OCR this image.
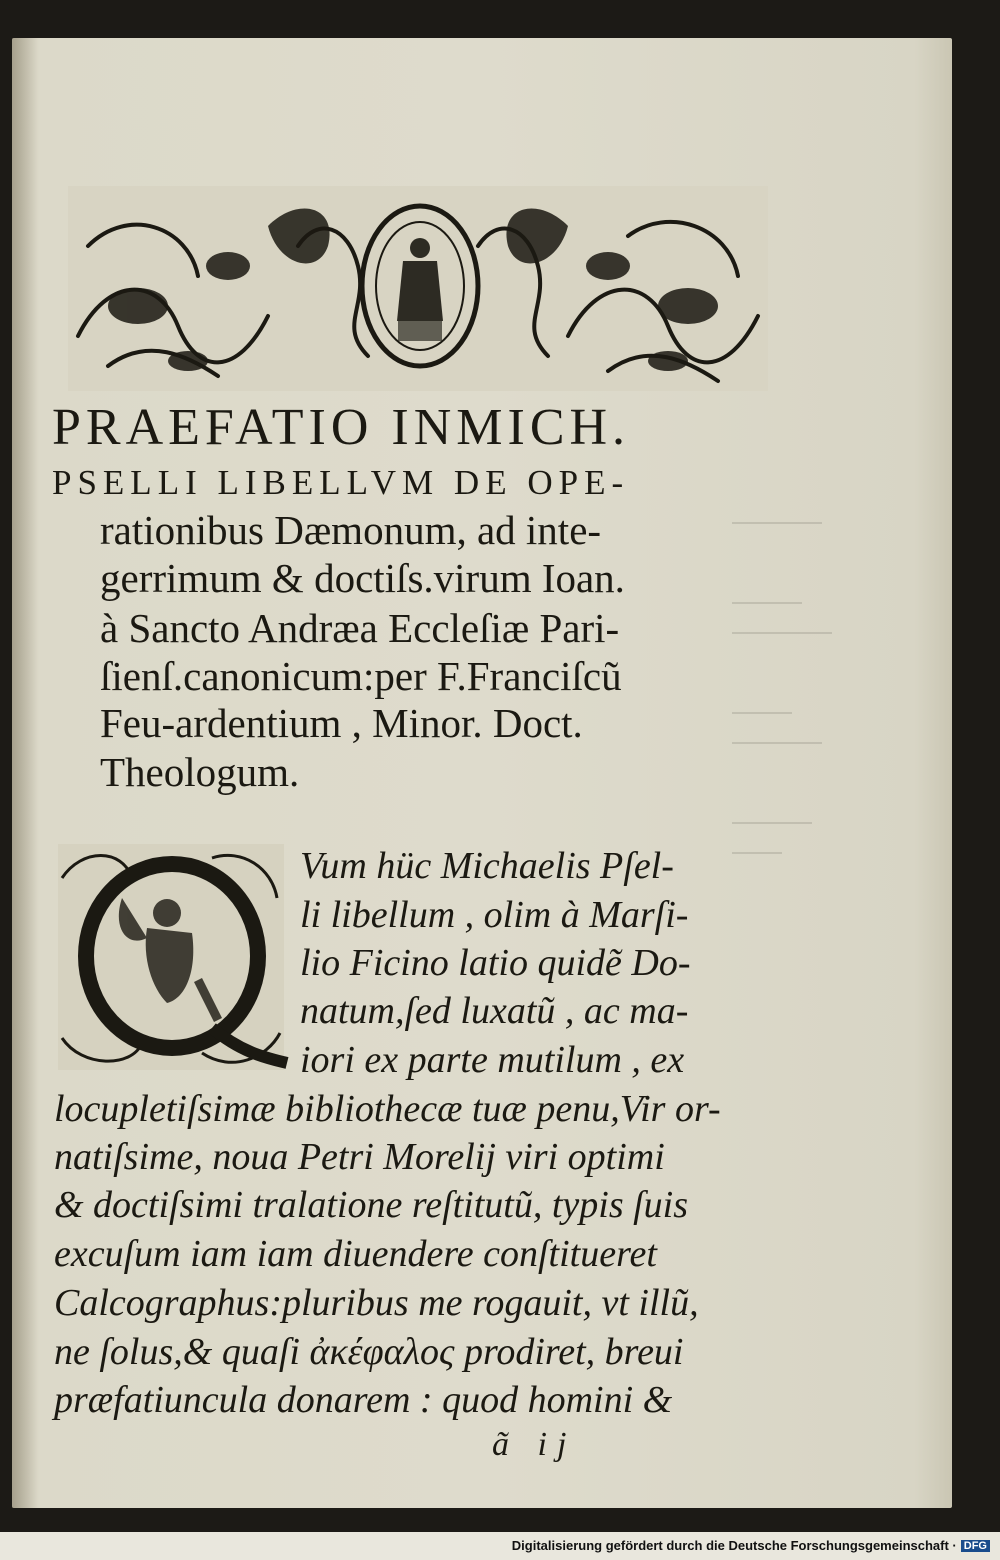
PRAEFATIO INMICH.
PSELLI LIBELLVM DE OPE-
rationibus Dæmonum, ad inte-
gerrimum & doctiſs.virum Ioan.
à Sancto Andræa Eccleſiæ Pari-
ſienſ.canonicum:per F.Franciſcũ
Feu-ardentium , Minor. Doct.
Theologum.
Vum hüc Michaelis Pſel-
li libellum , olim à Marſi-
lio Ficino latio quidẽ Do-
natum,ſed luxatũ , ac ma-
iori ex parte mutilum , ex
locupletiſsimæ bibliothecæ tuæ penu,Vir or-
natiſsime, noua Petri Morelij viri optimi
& doctiſsimi tralatione reſtitutũ, typis ſuis
excuſum iam iam diuendere conſtitueret
Calcographus:pluribus me rogauit, vt illũ,
ne ſolus,& quaſi ἀκέφαλος prodiret, breui
præfatiuncula donarem : quod homini &
ã ij
Digitalisierung gefördert durch die Deutsche Forschungsgemeinschaft · DFG
